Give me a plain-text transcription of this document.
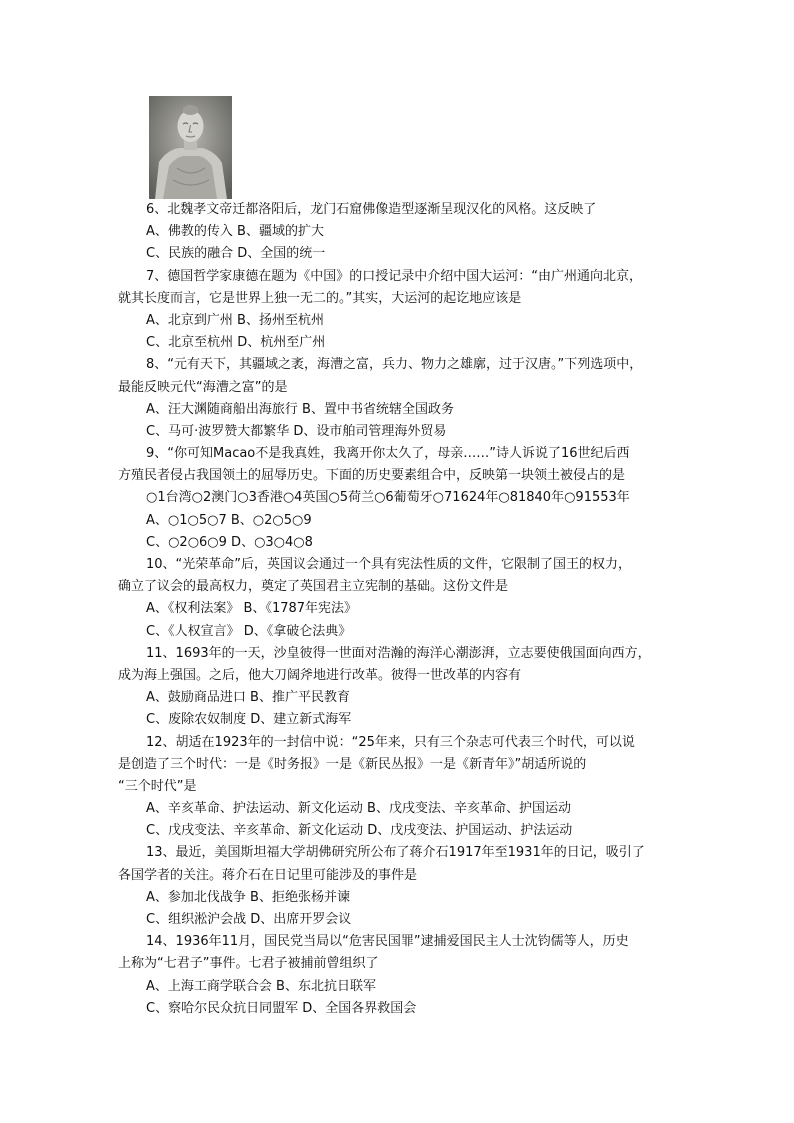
6、北魏孝文帝迁都洛阳后，龙门石窟佛像造型逐渐呈现汉化的风格。这反映了
A、佛教的传入 B、疆域的扩大
C、民族的融合 D、全国的统一
7、德国哲学家康德在题为《中国》的口授记录中介绍中国大运河：“由广州通向北京，
就其长度而言，它是世界上独一无二的。”其实，大运河的起讫地应该是
A、北京到广州 B、扬州至杭州
C、北京至杭州 D、杭州至广州
8、“元有天下，其疆域之袤，海漕之富，兵力、物力之雄廓，过于汉唐。”下列选项中，
最能反映元代“海漕之富”的是
A、汪大渊随商船出海旅行 B、置中书省统辖全国政务
C、马可·波罗赞大都繁华 D、设市舶司管理海外贸易
9、“你可知Macao不是我真姓，我离开你太久了，母亲……”诗人诉说了16世纪后西
方殖民者侵占我国领土的屈辱历史。下面的历史要素组合中，反映第一块领土被侵占的是
○1台湾○2澳门○3香港○4英国○5荷兰○6葡萄牙○71624年○81840年○91553年
A、○1○5○7 B、○2○5○9
C、○2○6○9 D、○3○4○8
10、“光荣革命”后，英国议会通过一个具有宪法性质的文件，它限制了国王的权力，
确立了议会的最高权力，奠定了英国君主立宪制的基础。这份文件是
A、《权利法案》 B、《1787年宪法》
C、《人权宣言》 D、《拿破仑法典》
11、1693年的一天，沙皇彼得一世面对浩瀚的海洋心潮澎湃，立志要使俄国面向西方，
成为海上强国。之后，他大刀阔斧地进行改革。彼得一世改革的内容有
A、鼓励商品进口 B、推广平民教育
C、废除农奴制度 D、建立新式海军
12、胡适在1923年的一封信中说：“25年来，只有三个杂志可代表三个时代，可以说
是创造了三个时代：一是《时务报》一是《新民丛报》一是《新青年》”胡适所说的
“三个时代”是
A、辛亥革命、护法运动、新文化运动 B、戊戌变法、辛亥革命、护国运动
C、戊戌变法、辛亥革命、新文化运动 D、戊戌变法、护国运动、护法运动
13、最近，美国斯坦福大学胡佛研究所公布了蒋介石1917年至1931年的日记，吸引了
各国学者的关注。蒋介石在日记里可能涉及的事件是
A、参加北伐战争 B、拒绝张杨并谏
C、组织淞沪会战 D、出席开罗会议
14、1936年11月，国民党当局以“危害民国罪”逮捕爱国民主人士沈钧儒等人，历史
上称为“七君子”事件。七君子被捕前曾组织了
A、上海工商学联合会 B、东北抗日联军
C、察哈尔民众抗日同盟军 D、全国各界救国会
